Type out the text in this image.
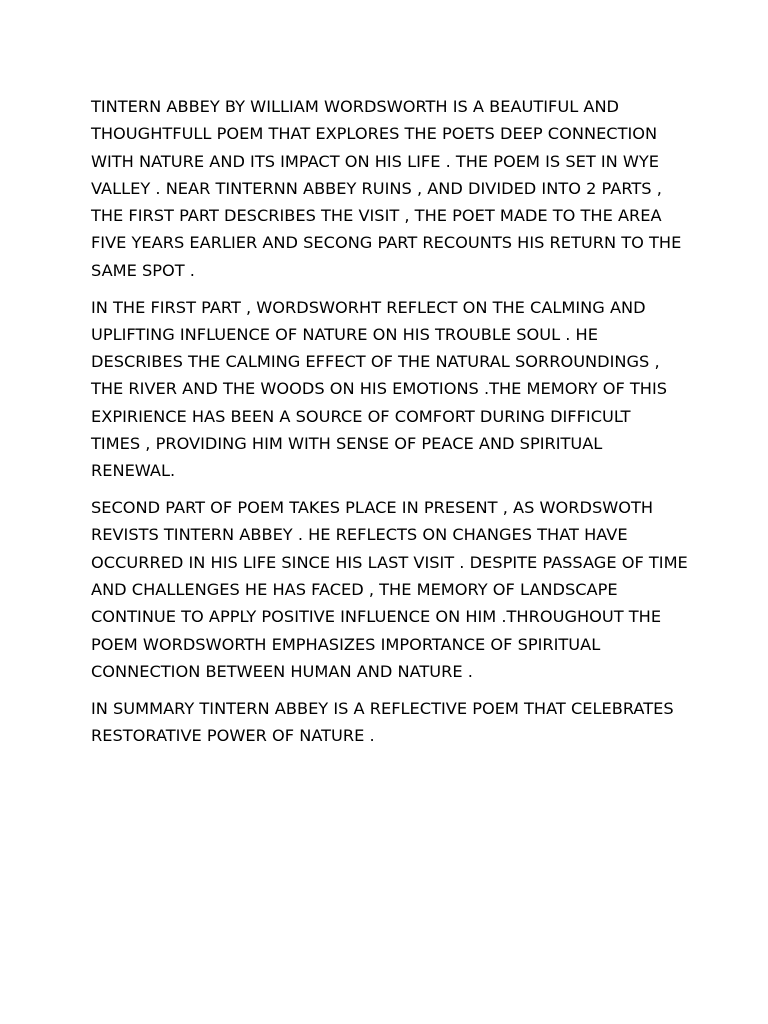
TINTERN ABBEY BY WILLIAM WORDSWORTH IS A BEAUTIFUL AND
THOUGHTFULL POEM THAT EXPLORES THE POETS DEEP CONNECTION
WITH NATURE AND ITS IMPACT ON HIS LIFE . THE POEM IS SET IN WYE
VALLEY . NEAR TINTERNN ABBEY RUINS , AND DIVIDED INTO 2 PARTS ,
THE FIRST PART DESCRIBES THE VISIT , THE POET MADE TO THE AREA
FIVE YEARS EARLIER AND SECONG PART RECOUNTS HIS RETURN TO THE
SAME SPOT .

IN THE FIRST PART , WORDSWORHT REFLECT ON THE CALMING AND
UPLIFTING INFLUENCE OF NATURE ON HIS TROUBLE SOUL . HE
DESCRIBES THE CALMING EFFECT OF THE NATURAL SORROUNDINGS ,
THE RIVER AND THE WOODS ON HIS EMOTIONS .THE MEMORY OF THIS
EXPIRIENCE HAS BEEN A SOURCE OF COMFORT DURING DIFFICULT
TIMES , PROVIDING HIM WITH SENSE OF PEACE AND SPIRITUAL
RENEWAL.

SECOND PART OF POEM TAKES PLACE IN PRESENT , AS WORDSWOTH
REVISTS TINTERN ABBEY . HE REFLECTS ON CHANGES THAT HAVE
OCCURRED IN HIS LIFE SINCE HIS LAST VISIT . DESPITE PASSAGE OF TIME
AND CHALLENGES HE HAS FACED , THE MEMORY OF LANDSCAPE
CONTINUE TO APPLY POSITIVE INFLUENCE ON HIM .THROUGHOUT THE
POEM WORDSWORTH EMPHASIZES IMPORTANCE OF SPIRITUAL
CONNECTION BETWEEN HUMAN AND NATURE .

IN SUMMARY TINTERN ABBEY IS A REFLECTIVE POEM THAT CELEBRATES
RESTORATIVE POWER OF NATURE .
